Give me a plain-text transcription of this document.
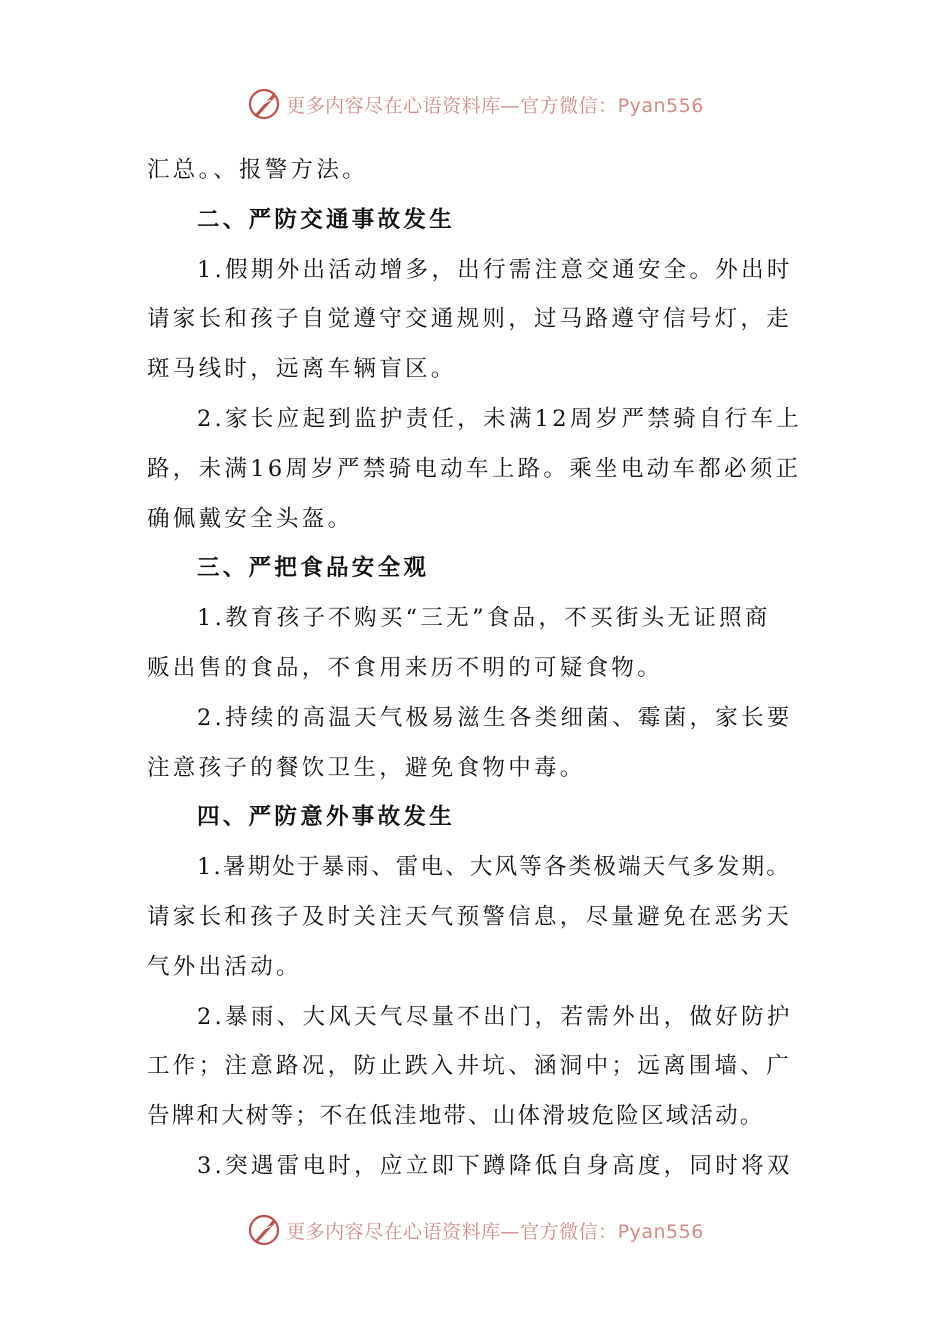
更多内容尽在心语资料库—官方微信：Pyan556
汇总。、报警方法。
二、严防交通事故发生
1.假期外出活动增多，出行需注意交通安全。外出时
请家长和孩子自觉遵守交通规则，过马路遵守信号灯，走
斑马线时，远离车辆盲区。
2.家长应起到监护责任，未满12周岁严禁骑自行车上
路，未满16周岁严禁骑电动车上路。乘坐电动车都必须正
确佩戴安全头盔。
三、严把食品安全观
1.教育孩子不购买“三无”食品，不买街头无证照商
贩出售的食品，不食用来历不明的可疑食物。
2.持续的高温天气极易滋生各类细菌、霉菌，家长要
注意孩子的餐饮卫生，避免食物中毒。
四、严防意外事故发生
1.暑期处于暴雨、雷电、大风等各类极端天气多发期。
请家长和孩子及时关注天气预警信息，尽量避免在恶劣天
气外出活动。
2.暴雨、大风天气尽量不出门，若需外出，做好防护
工作；注意路况，防止跌入井坑、涵洞中；远离围墙、广
告牌和大树等；不在低洼地带、山体滑坡危险区域活动。
3.突遇雷电时，应立即下蹲降低自身高度，同时将双
更多内容尽在心语资料库—官方微信：Pyan556
